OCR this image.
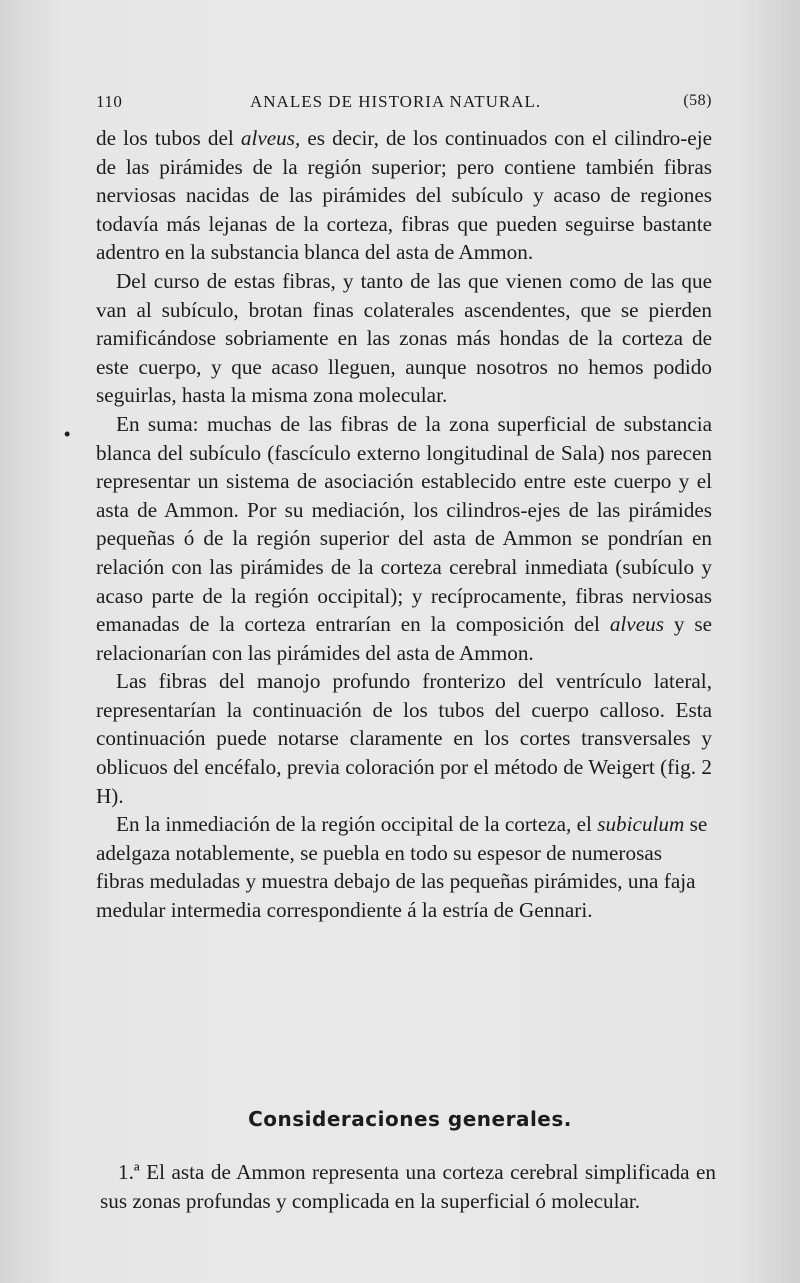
110	ANALES DE HISTORIA NATURAL.	(58)
•

de los tubos del alveus, es decir, de los continuados con el cilindro-eje de las pirámides de la región superior; pero contiene también fibras nerviosas nacidas de las pirámides del subículo y acaso de regiones todavía más lejanas de la corteza, fibras que pueden seguirse bastante adentro en la substancia blanca del asta de Ammon.

Del curso de estas fibras, y tanto de las que vienen como de las que van al subículo, brotan finas colaterales ascendentes, que se pierden ramificándose sobriamente en las zonas más hondas de la corteza de este cuerpo, y que acaso lleguen, aunque nosotros no hemos podido seguirlas, hasta la misma zona molecular.

En suma: muchas de las fibras de la zona superficial de substancia blanca del subículo (fascículo externo longitudinal de Sala) nos parecen representar un sistema de asociación establecido entre este cuerpo y el asta de Ammon. Por su mediación, los cilindros-ejes de las pirámides pequeñas ó de la región superior del asta de Ammon se pondrían en relación con las pirámides de la corteza cerebral inmediata (subículo y acaso parte de la región occipital); y recíprocamente, fibras nerviosas emanadas de la corteza entrarían en la composición del alveus y se relacionarían con las pirámides del asta de Ammon.

Las fibras del manojo profundo fronterizo del ventrículo lateral, representarían la continuación de los tubos del cuerpo calloso. Esta continuación puede notarse claramente en los cortes transversales y oblicuos del encéfalo, previa coloración por el método de Weigert (fig. 2 H).

En la inmediación de la región occipital de la corteza, el subiculum se adelgaza notablemente, se puebla en todo su espesor de numerosas fibras meduladas y muestra debajo de las pequeñas pirámides, una faja medular intermedia correspondiente á la estría de Gennari.

Consideraciones generales.

1.ª El asta de Ammon representa una corteza cerebral simplificada en sus zonas profundas y complicada en la superficial ó molecular.
